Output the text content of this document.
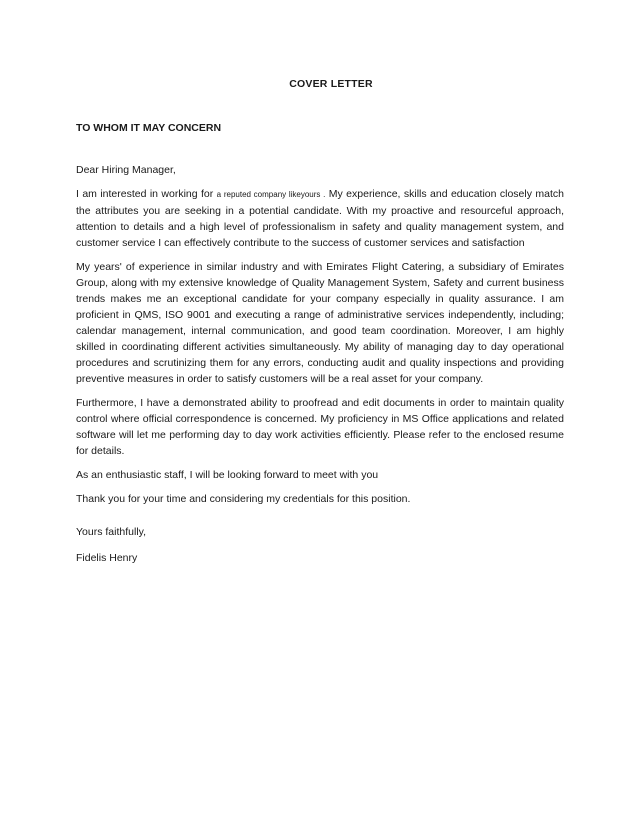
COVER LETTER
TO WHOM IT MAY CONCERN

Dear Hiring Manager,

I am interested in working for a reputed company likeyours . My experience, skills and education closely match the attributes you are seeking in a potential candidate. With my proactive and resourceful approach, attention to details and a high level of professionalism in safety and quality management system, and customer service I can effectively contribute to the success of customer services and satisfaction

My years' of experience in similar industry and with Emirates Flight Catering, a subsidiary of Emirates Group, along with my extensive knowledge of Quality Management System, Safety and current business trends makes me an exceptional candidate for your company especially in quality assurance. I am proficient in QMS, ISO 9001 and executing a range of administrative services independently, including; calendar management, internal communication, and good team coordination. Moreover, I am highly skilled in coordinating different activities simultaneously. My ability of managing day to day operational procedures and scrutinizing them for any errors, conducting audit and quality inspections and providing preventive measures in order to satisfy customers will be a real asset for your company.

Furthermore, I have a demonstrated ability to proofread and edit documents in order to maintain quality control where official correspondence is concerned. My proficiency in MS Office applications and related software will let me performing day to day work activities efficiently. Please refer to the enclosed resume for details.

As an enthusiastic staff, I will be looking forward to meet with you

Thank you for your time and considering my credentials for this position.

Yours faithfully,
Fidelis Henry
